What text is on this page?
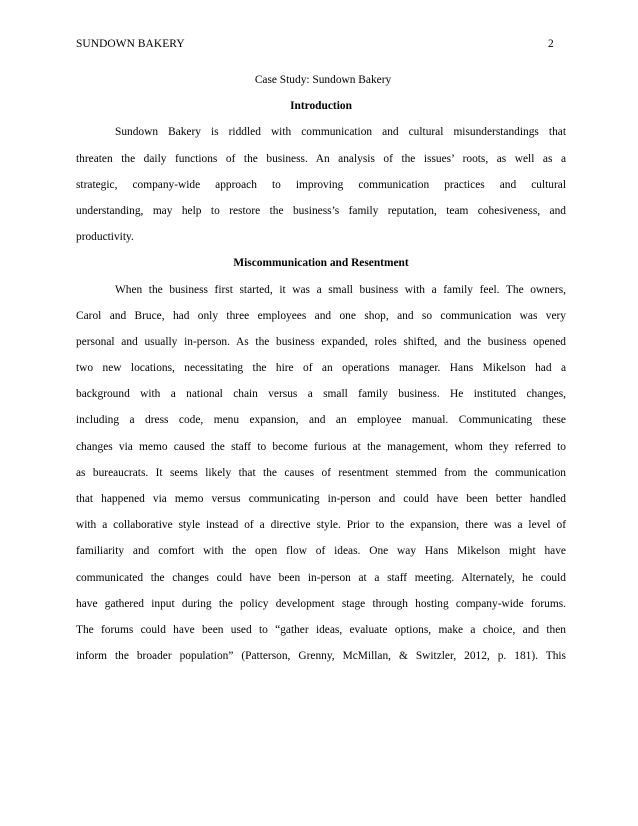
SUNDOWN BAKERY	2
Case Study: Sundown Bakery
Introduction
Sundown Bakery is riddled with communication and cultural misunderstandings that
threaten the daily functions of the business. An analysis of the issues’ roots, as well as a
strategic, company-wide approach to improving communication practices and cultural
understanding, may help to restore the business’s family reputation, team cohesiveness, and
productivity.
Miscommunication and Resentment
When the business first started, it was a small business with a family feel. The owners,
Carol and Bruce, had only three employees and one shop, and so communication was very
personal and usually in-person. As the business expanded, roles shifted, and the business opened
two new locations, necessitating the hire of an operations manager. Hans Mikelson had a
background with a national chain versus a small family business. He instituted changes,
including a dress code, menu expansion, and an employee manual. Communicating these
changes via memo caused the staff to become furious at the management, whom they referred to
as bureaucrats. It seems likely that the causes of resentment stemmed from the communication
that happened via memo versus communicating in-person and could have been better handled
with a collaborative style instead of a directive style. Prior to the expansion, there was a level of
familiarity and comfort with the open flow of ideas. One way Hans Mikelson might have
communicated the changes could have been in-person at a staff meeting. Alternately, he could
have gathered input during the policy development stage through hosting company-wide forums.
The forums could have been used to “gather ideas, evaluate options, make a choice, and then
inform the broader population” (Patterson, Grenny, McMillan, & Switzler, 2012, p. 181). This
